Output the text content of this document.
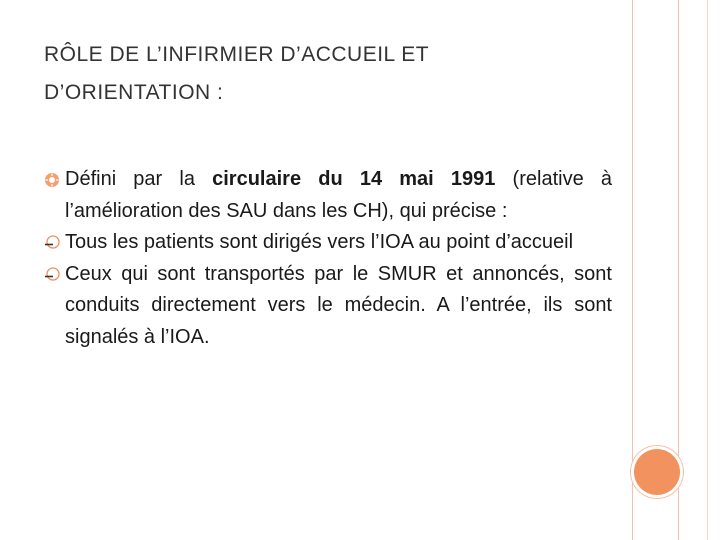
RÔLE DE L’INFIRMIER D’ACCUEIL ET
D’ORIENTATION :

Défini par la circulaire du 14 mai 1991 (relative à l’amélioration des SAU dans les CH), qui précise :

Tous les patients sont dirigés vers l’IOA au point d’accueil

Ceux qui sont transportés par le SMUR et annoncés, sont conduits directement vers le médecin. A l’entrée, ils sont signalés à l’IOA.
